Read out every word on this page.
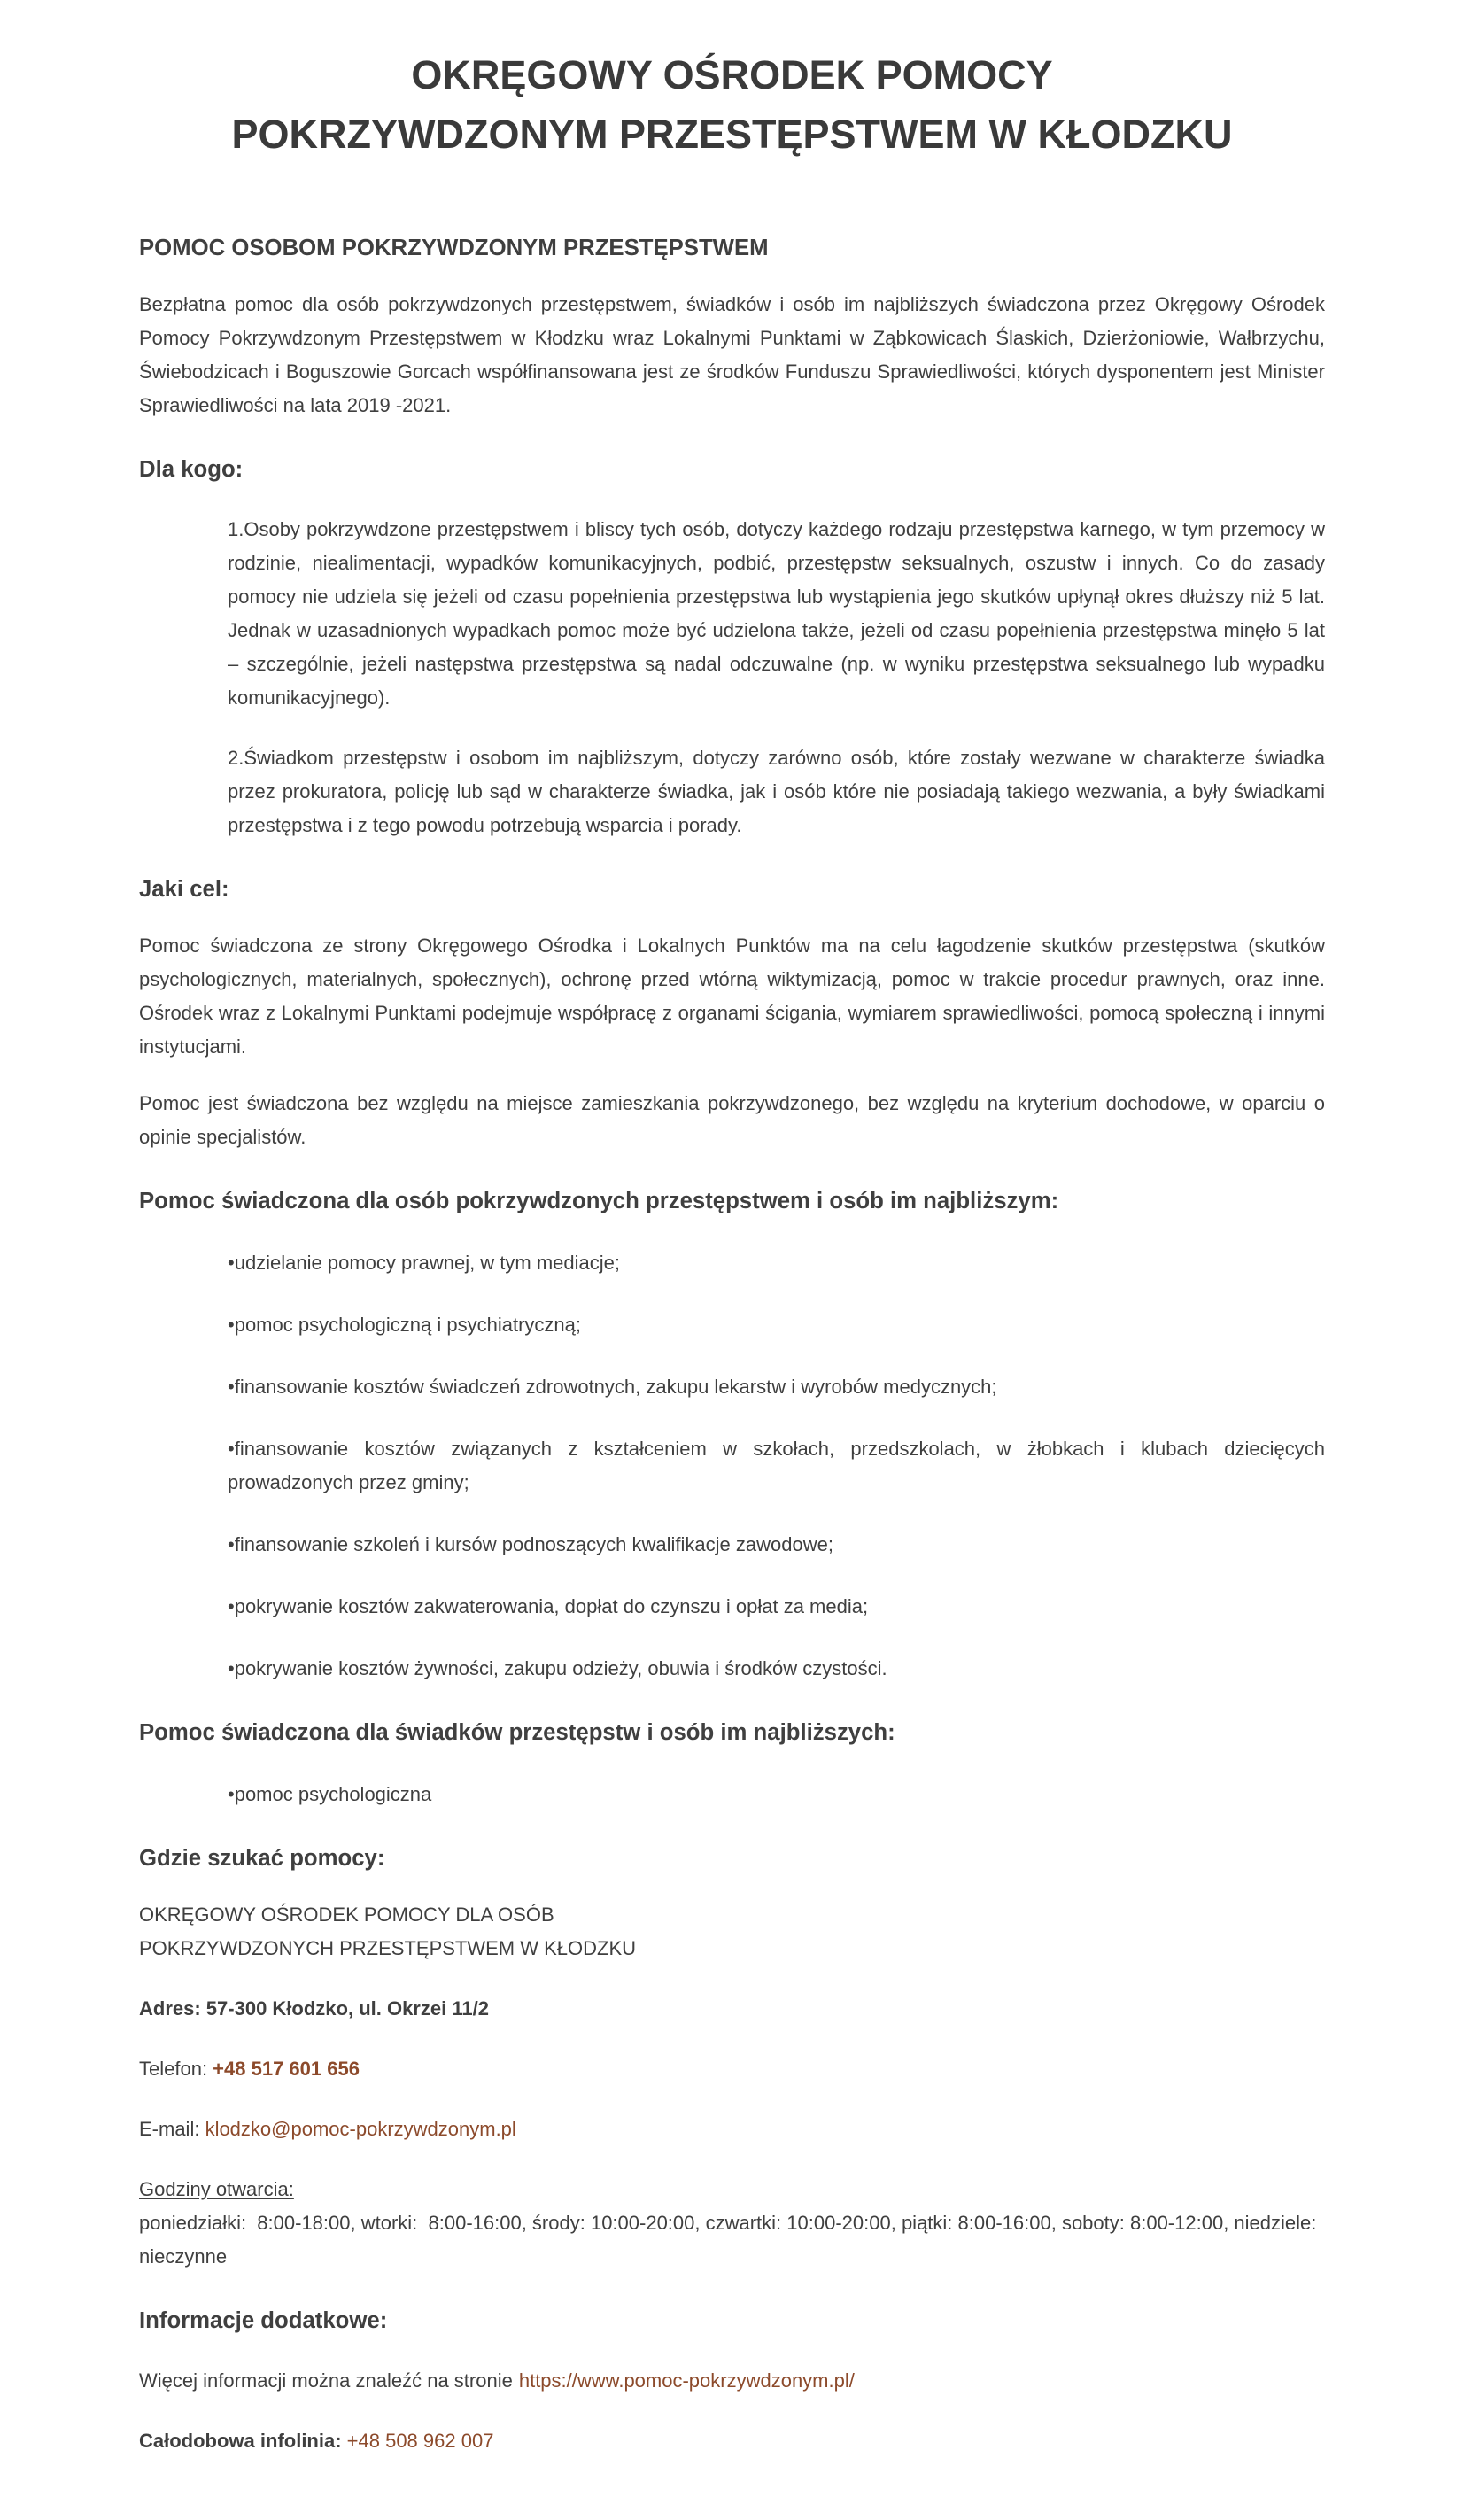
OKRĘGOWY OŚRODEK POMOCY
POKRZYWDZONYM PRZESTĘPSTWEM W KŁODZKU
POMOC OSOBOM POKRZYWDZONYM PRZESTĘPSTWEM

Bezpłatna pomoc dla osób pokrzywdzonych przestępstwem, świadków i osób im najbliższych świadczona przez Okręgowy Ośrodek Pomocy Pokrzywdzonym Przestępstwem w Kłodzku wraz Lokalnymi Punktami w Ząbkowicach Ślaskich, Dzierżoniowie, Wałbrzychu, Świebodzicach i Boguszowie Gorcach współfinansowana jest ze środków Funduszu Sprawiedliwości, których dysponentem jest Minister Sprawiedliwości na lata 2019 -2021.

Dla kogo:

1.Osoby pokrzywdzone przestępstwem i bliscy tych osób, dotyczy każdego rodzaju przestępstwa karnego, w tym przemocy w rodzinie, niealimentacji, wypadków komunikacyjnych, podbić, przestępstw seksualnych, oszustw i innych. Co do zasady pomocy nie udziela się jeżeli od czasu popełnienia przestępstwa lub wystąpienia jego skutków upłynął okres dłuższy niż 5 lat. Jednak w uzasadnionych wypadkach pomoc może być udzielona także, jeżeli od czasu popełnienia przestępstwa minęło 5 lat – szczególnie, jeżeli następstwa przestępstwa są nadal odczuwalne (np. w wyniku przestępstwa seksualnego lub wypadku komunikacyjnego).

2.Świadkom przestępstw i osobom im najbliższym, dotyczy zarówno osób, które zostały wezwane w charakterze świadka przez prokuratora, policję lub sąd w charakterze świadka, jak i osób które nie posiadają takiego wezwania, a były świadkami przestępstwa i z tego powodu potrzebują wsparcia i porady.

Jaki cel:

Pomoc świadczona ze strony Okręgowego Ośrodka i Lokalnych Punktów ma na celu łagodzenie skutków przestępstwa (skutków psychologicznych, materialnych, społecznych), ochronę przed wtórną wiktymizacją, pomoc w trakcie procedur prawnych, oraz inne. Ośrodek wraz z Lokalnymi Punktami podejmuje współpracę z organami ścigania, wymiarem sprawiedliwości, pomocą społeczną i innymi instytucjami.

Pomoc jest świadczona bez względu na miejsce zamieszkania pokrzywdzonego, bez względu na kryterium dochodowe, w oparciu o opinie specjalistów.

Pomoc świadczona dla osób pokrzywdzonych przestępstwem i osób im najbliższym:
•udzielanie pomocy prawnej, w tym mediacje;
•pomoc psychologiczną i psychiatryczną;
•finansowanie kosztów świadczeń zdrowotnych, zakupu lekarstw i wyrobów medycznych;
•finansowanie kosztów związanych z kształceniem w szkołach, przedszkolach, w żłobkach i klubach dziecięcych prowadzonych przez gminy;
•finansowanie szkoleń i kursów podnoszących kwalifikacje zawodowe;
•pokrywanie kosztów zakwaterowania, dopłat do czynszu i opłat za media;
•pokrywanie kosztów żywności, zakupu odzieży, obuwia i środków czystości.
Pomoc świadczona dla świadków przestępstw i osób im najbliższych:
•pomoc psychologiczna
Gdzie szukać pomocy:

OKRĘGOWY OŚRODEK POMOCY DLA OSÓB
POKRZYWDZONYCH PRZESTĘPSTWEM W KŁODZKU

Adres: 57-300 Kłodzko, ul. Okrzei 11/2

Telefon: +48 517 601 656

E-mail: klodzko@pomoc-pokrzywdzonym.pl

Godziny otwarcia:

poniedziałki:  8:00-18:00, wtorki:  8:00-16:00, środy: 10:00-20:00, czwartki: 10:00-20:00, piątki: 8:00-16:00, soboty: 8:00-12:00, niedziele: nieczynne

Informacje dodatkowe:

Więcej informacji można znaleźć na stronie https://www.pomoc-pokrzywdzonym.pl/

Całodobowa infolinia: +48 508 962 007
